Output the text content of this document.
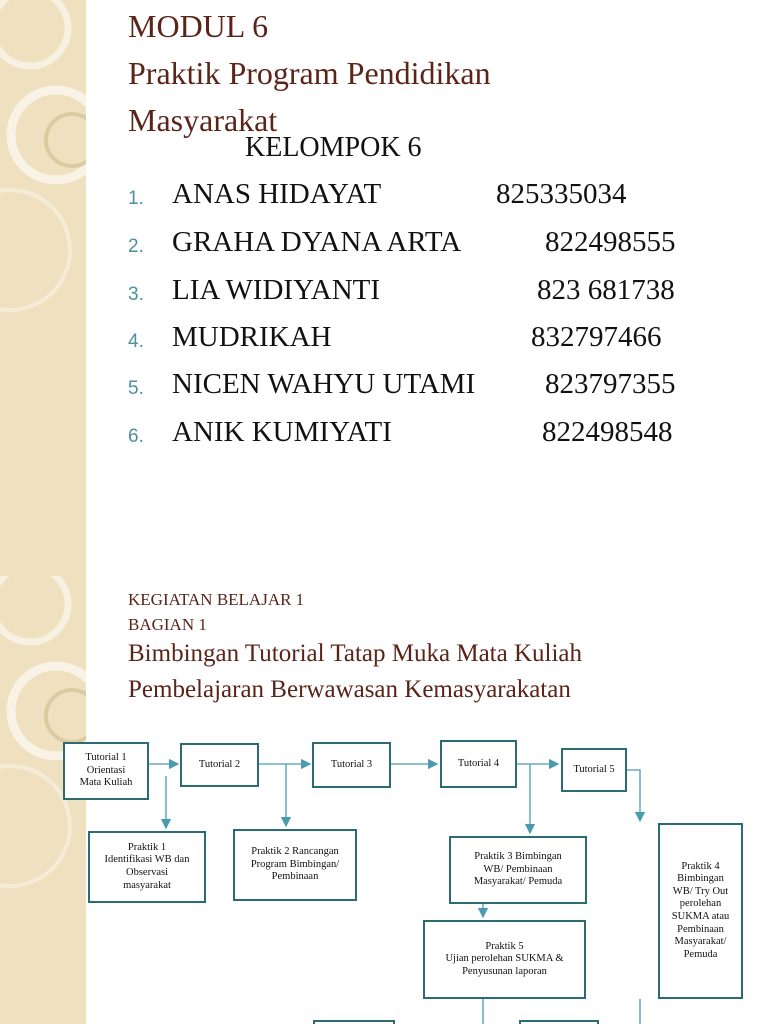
MODUL 6
Praktik Program Pendidikan
Masyarakat
KELOMPOK 6
1. ANAS HIDAYAT	825335034
2. GRAHA DYANA ARTA	822498555
3. LIA WIDIYANTI	823 681738
4. MUDRIKAH	832797466
5. NICEN WAHYU UTAMI 823797355
6. ANIK KUMIYATI	822498548
KEGIATAN BELAJAR 1
BAGIAN 1
Bimbingan Tutorial Tatap Muka Mata Kuliah
Pembelajaran Berwawasan Kemasyarakatan
Tutorial 1
Orientasi
Mata Kuliah
Tutorial 2	Tutorial 3	Tutorial 4
Tutorial 5
Praktik 1
Identifikasi WB dan
Observasi
masyarakat
Praktik 2 Rancangan
Program Bimbingan/
Pembinaan
Praktik 3 Bimbingan
WB/ Pembinaan
Masyarakat/ Pemuda
Praktik 4
Bimbingan
WB/ Try Out
perolehan
SUKMA atau
Pembinaan
Masyarakat/
Pemuda
Praktik 5
Ujian perolehan SUKMA &
Penyusunan laporan
